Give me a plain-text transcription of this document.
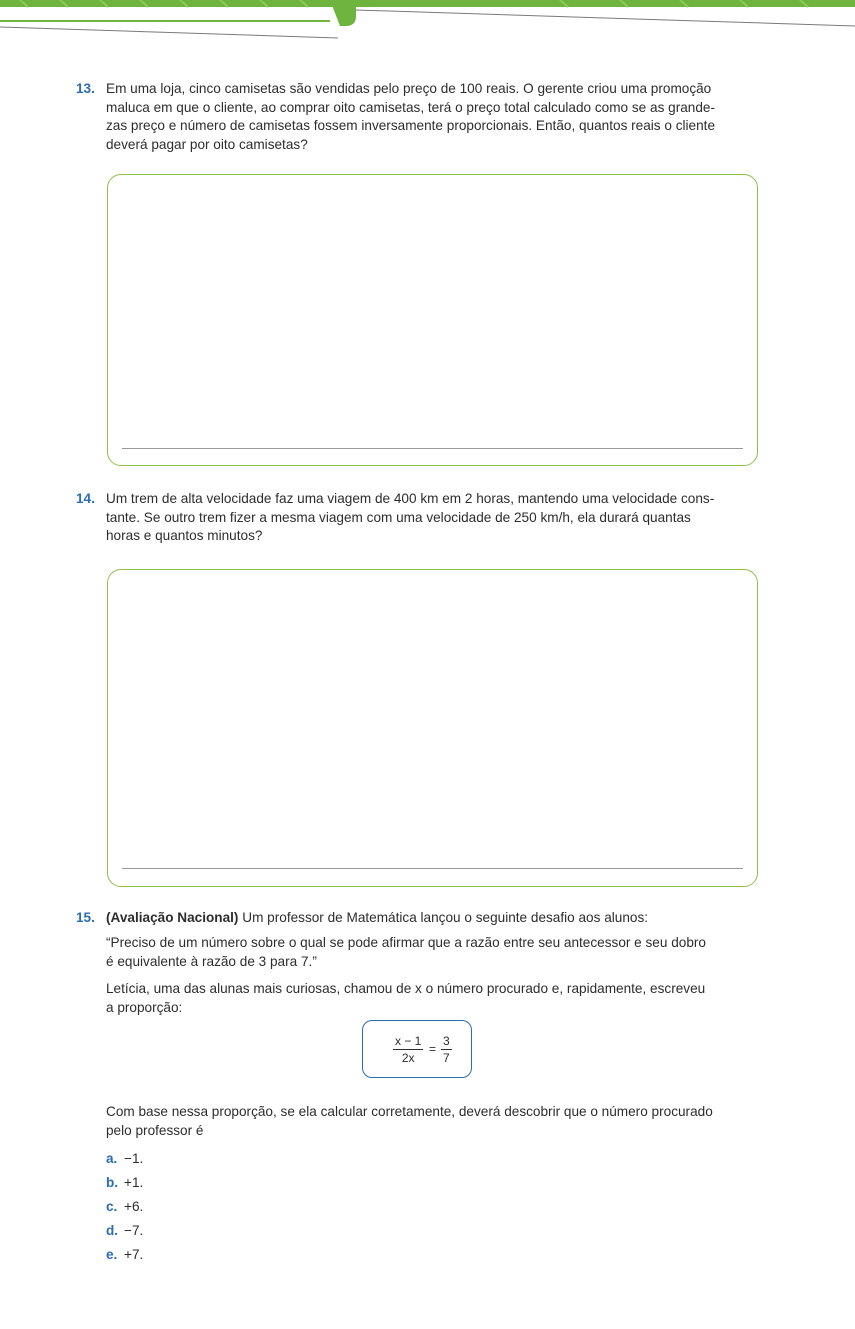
13. Em uma loja, cinco camisetas são vendidas pelo preço de 100 reais. O gerente criou uma promoção
maluca em que o cliente, ao comprar oito camisetas, terá o preço total calculado como se as grande-
zas preço e número de camisetas fossem inversamente proporcionais. Então, quantos reais o cliente
deverá pagar por oito camisetas?
14. Um trem de alta velocidade faz uma viagem de 400 km em 2 horas, mantendo uma velocidade cons-
tante. Se outro trem fizer a mesma viagem com uma velocidade de 250 km/h, ela durará quantas
horas e quantos minutos?
15. (Avaliação Nacional) Um professor de Matemática lançou o seguinte desafio aos alunos:
“Preciso de um número sobre o qual se pode afirmar que a razão entre seu antecessor e seu dobro
é equivalente à razão de 3 para 7.”
Letícia, uma das alunas mais curiosas, chamou de x o número procurado e, rapidamente, escreveu
a proporção:
x − 1
2x
=
3
7
Com base nessa proporção, se ela calcular corretamente, deverá descobrir que o número procurado
pelo professor é
a. −1.
b. +1.
c. +6.
d. −7.
e. +7.
